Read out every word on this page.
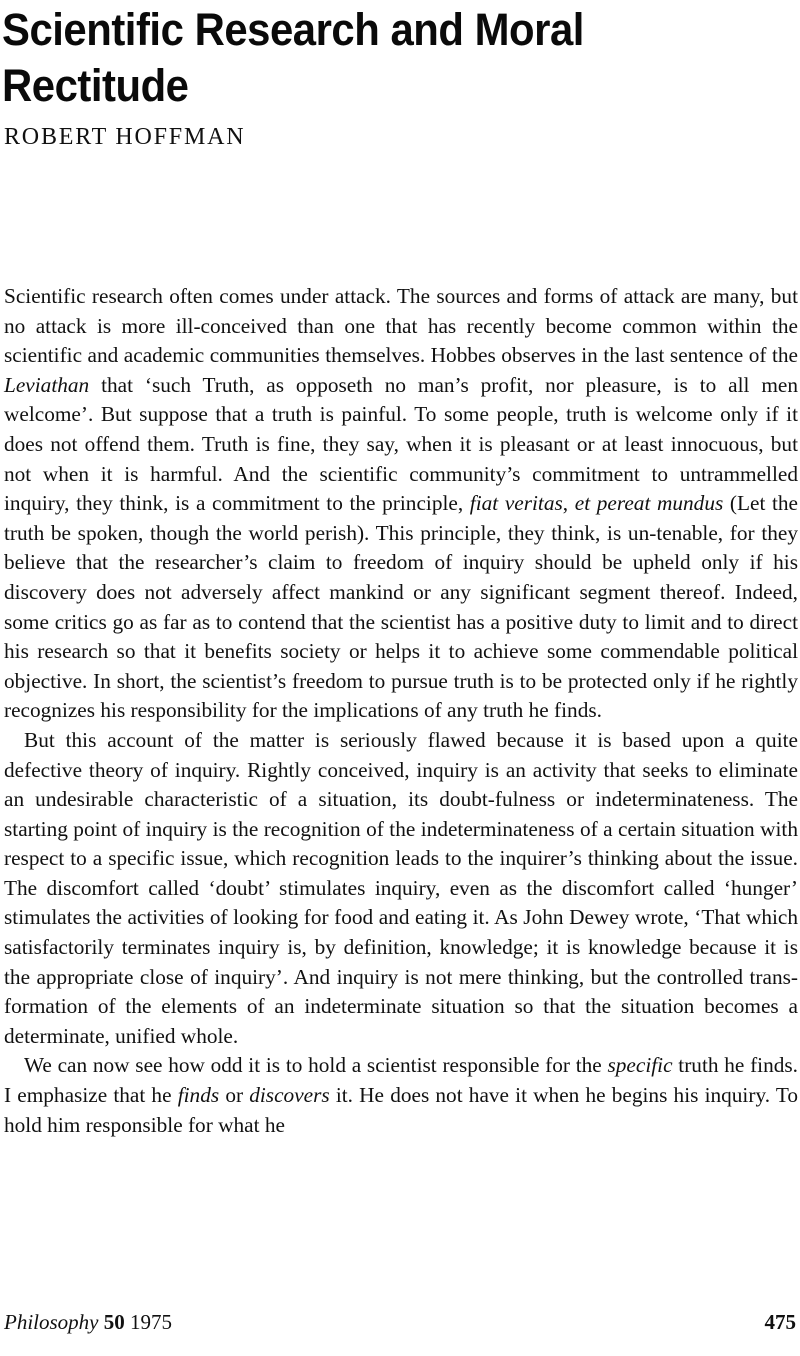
Scientific Research and Moral
Rectitude
ROBERT HOFFMAN

Scientific research often comes under attack. The sources and forms of attack are many, but no attack is more ill-conceived than one that has recently become common within the scientific and academic communities themselves. Hobbes observes in the last sentence of the Leviathan that ‘such Truth, as opposeth no man’s profit, nor pleasure, is to all men welcome’. But suppose that a truth is painful. To some people, truth is welcome only if it does not offend them. Truth is fine, they say, when it is pleasant or at least innocuous, but not when it is harmful. And the scientific community’s commitment to untrammelled inquiry, they think, is a commitment to the principle, fiat veritas, et pereat mundus (Let the truth be spoken, though the world perish). This principle, they think, is un-tenable, for they believe that the researcher’s claim to freedom of inquiry should be upheld only if his discovery does not adversely affect mankind or any significant segment thereof. Indeed, some critics go as far as to contend that the scientist has a positive duty to limit and to direct his research so that it benefits society or helps it to achieve some commendable political objective. In short, the scientist’s freedom to pursue truth is to be protected only if he rightly recognizes his responsibility for the implications of any truth he finds.

But this account of the matter is seriously flawed because it is based upon a quite defective theory of inquiry. Rightly conceived, inquiry is an activity that seeks to eliminate an undesirable characteristic of a situation, its doubt-fulness or indeterminateness. The starting point of inquiry is the recognition of the indeterminateness of a certain situation with respect to a specific issue, which recognition leads to the inquirer’s thinking about the issue. The discomfort called ‘doubt’ stimulates inquiry, even as the discomfort called ‘hunger’ stimulates the activities of looking for food and eating it. As John Dewey wrote, ‘That which satisfactorily terminates inquiry is, by definition, knowledge; it is knowledge because it is the appropriate close of inquiry’. And inquiry is not mere thinking, but the controlled trans-formation of the elements of an indeterminate situation so that the situation becomes a determinate, unified whole.

We can now see how odd it is to hold a scientist responsible for the specific truth he finds. I emphasize that he finds or discovers it. He does not have it when he begins his inquiry. To hold him responsible for what he

Philosophy 50 1975	475
